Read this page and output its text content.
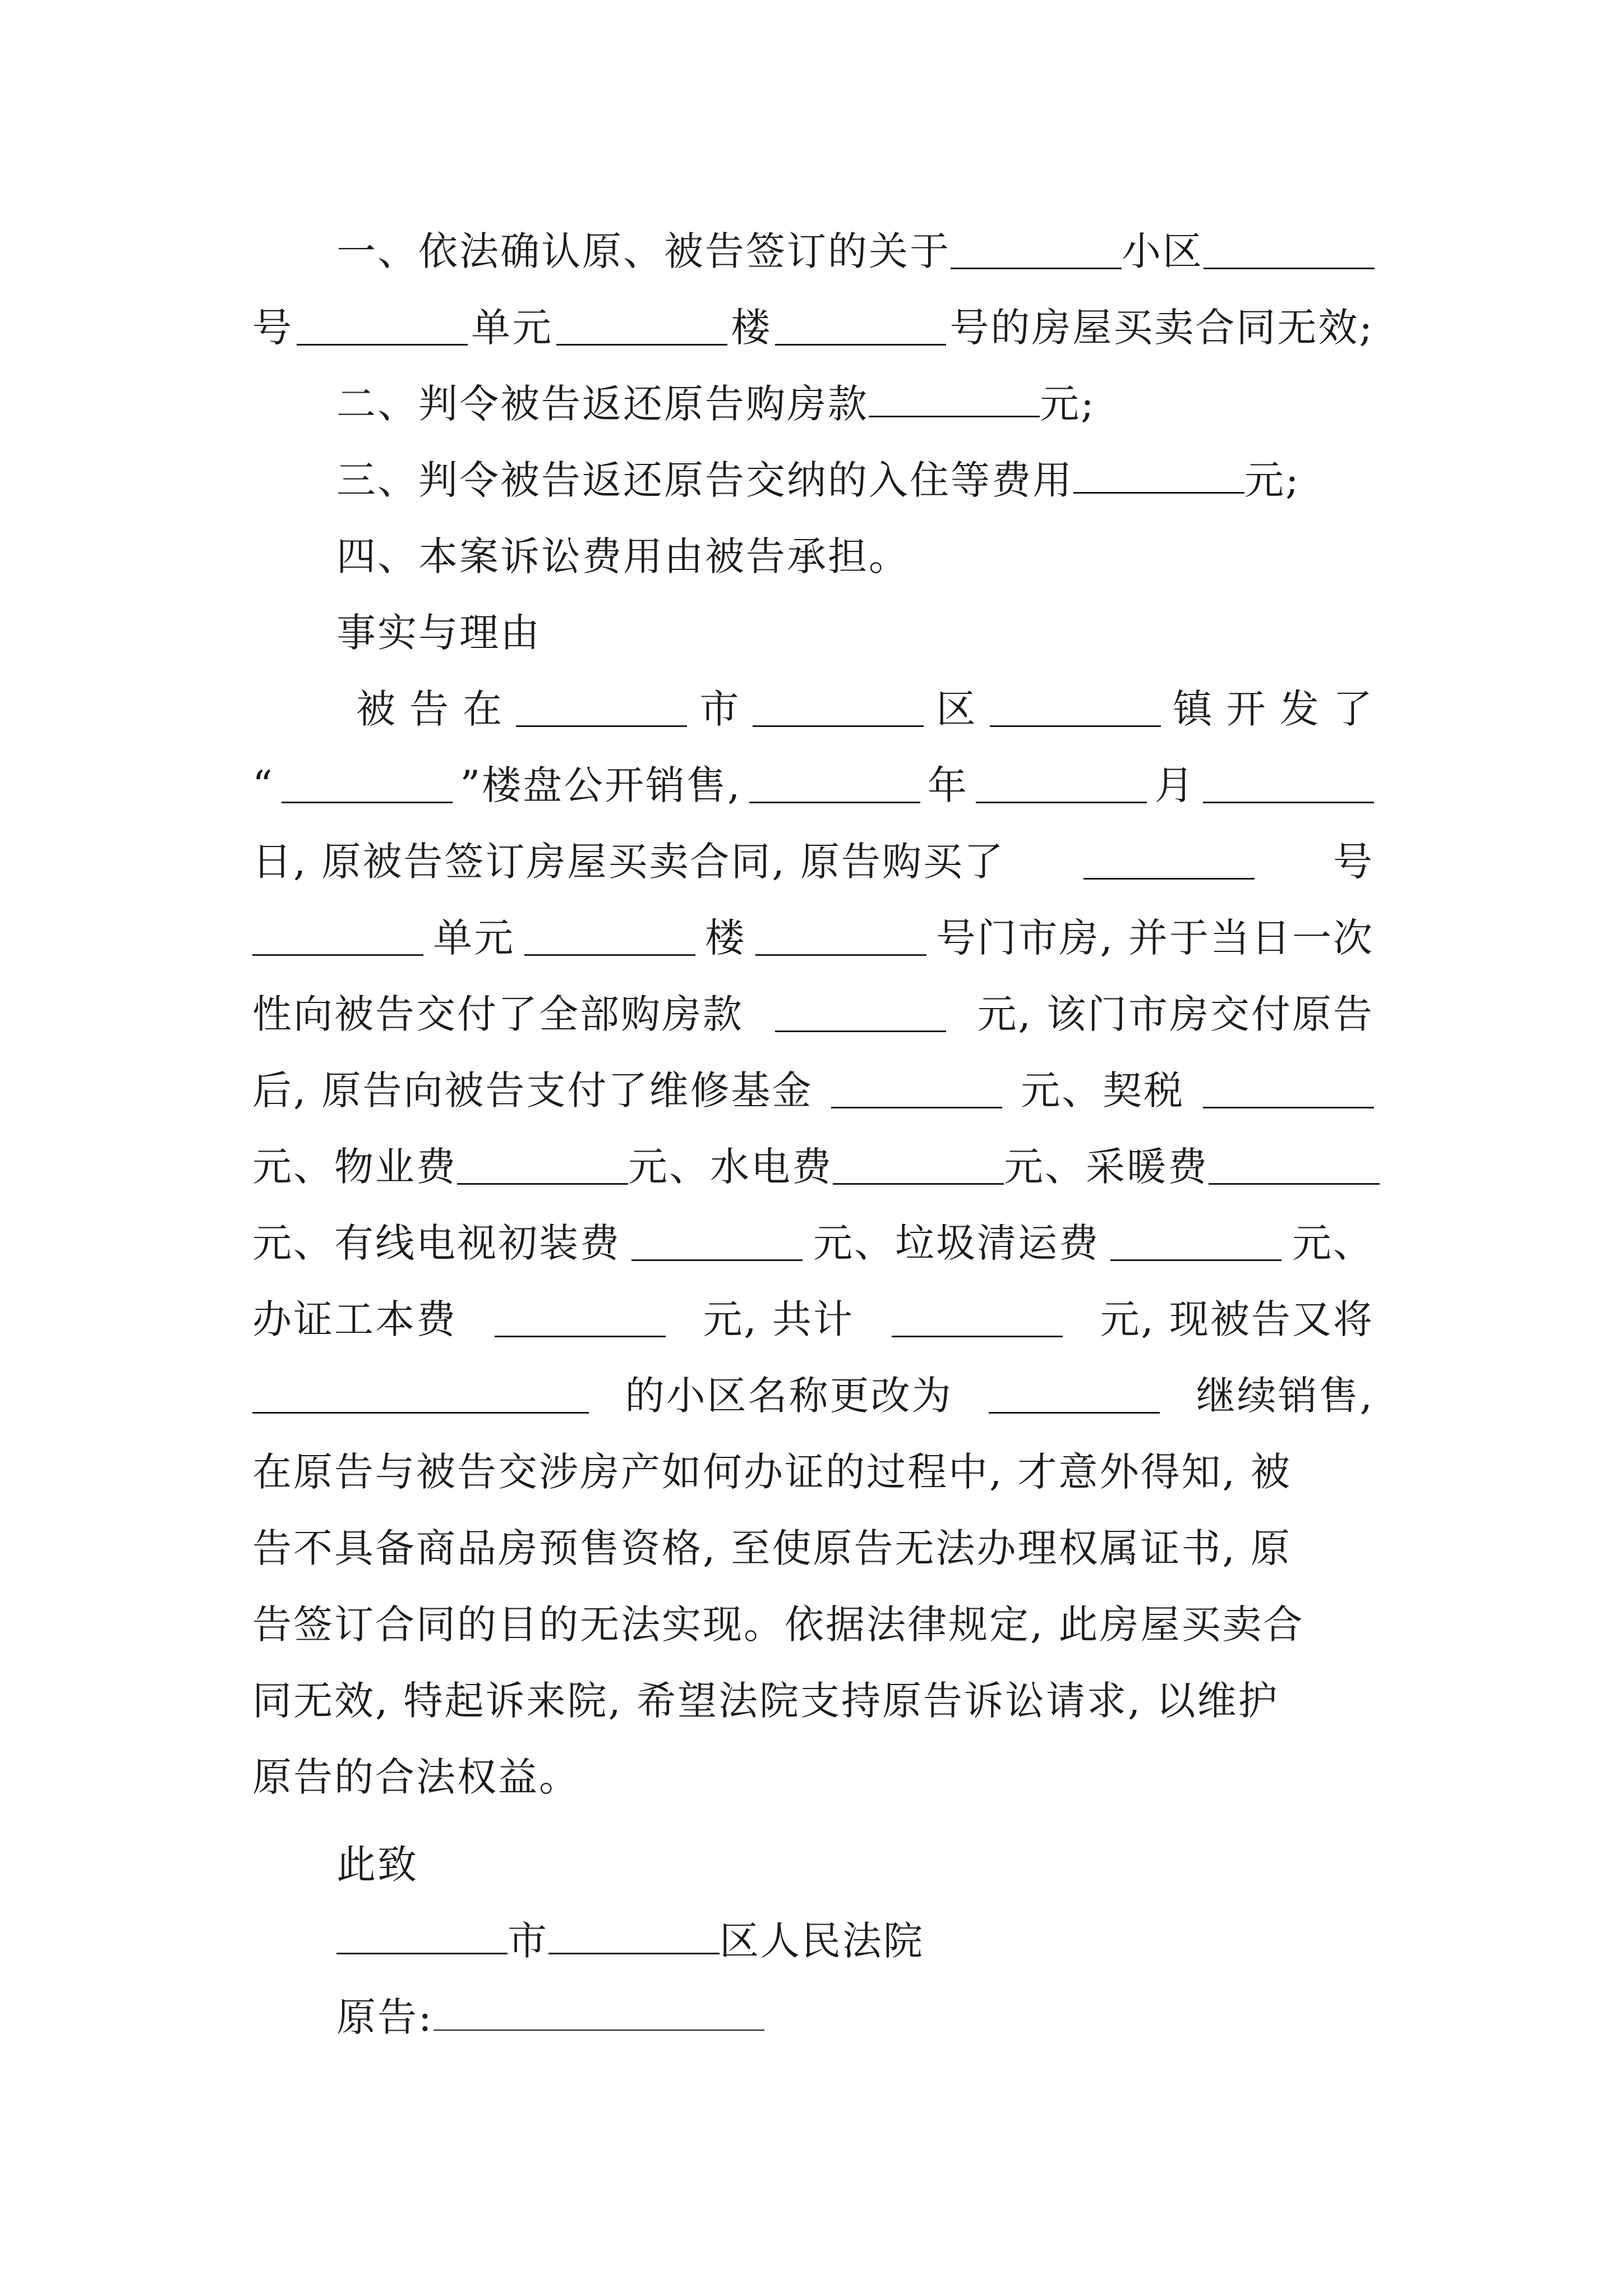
一、依法确认原、被告签订的关于	小区
号	单元	楼	号的房屋买卖合同无效;
二、判令被告返还原告购房款	元;
三、判令被告返还原告交纳的入住等费用	元;
四、本案诉讼费用由被告承担。
事实与理由
被 告 在	市	区	镇 开 发 了
“	”楼盘公开销售,	年	月
日, 原被告签订房屋买卖合同, 原告购买了	号
单元	楼	号门市房, 并于当日一次
性向被告交付了全部购房款	元, 该门市房交付原告
后, 原告向被告支付了维修基金	元、契税
元、物业费	元、水电费	元、采暖费
元、有线电视初装费	元、垃圾清运费	元、
办证工本费	元, 共计	元, 现被告又将
的小区名称更改为	继续销售,
在原告与被告交涉房产如何办证的过程中, 才意外得知, 被
告不具备商品房预售资格, 至使原告无法办理权属证书, 原
告签订合同的目的无法实现。依据法律规定, 此房屋买卖合
同无效, 特起诉来院, 希望法院支持原告诉讼请求, 以维护
原告的合法权益。
此致
市	区人民法院
原告:
